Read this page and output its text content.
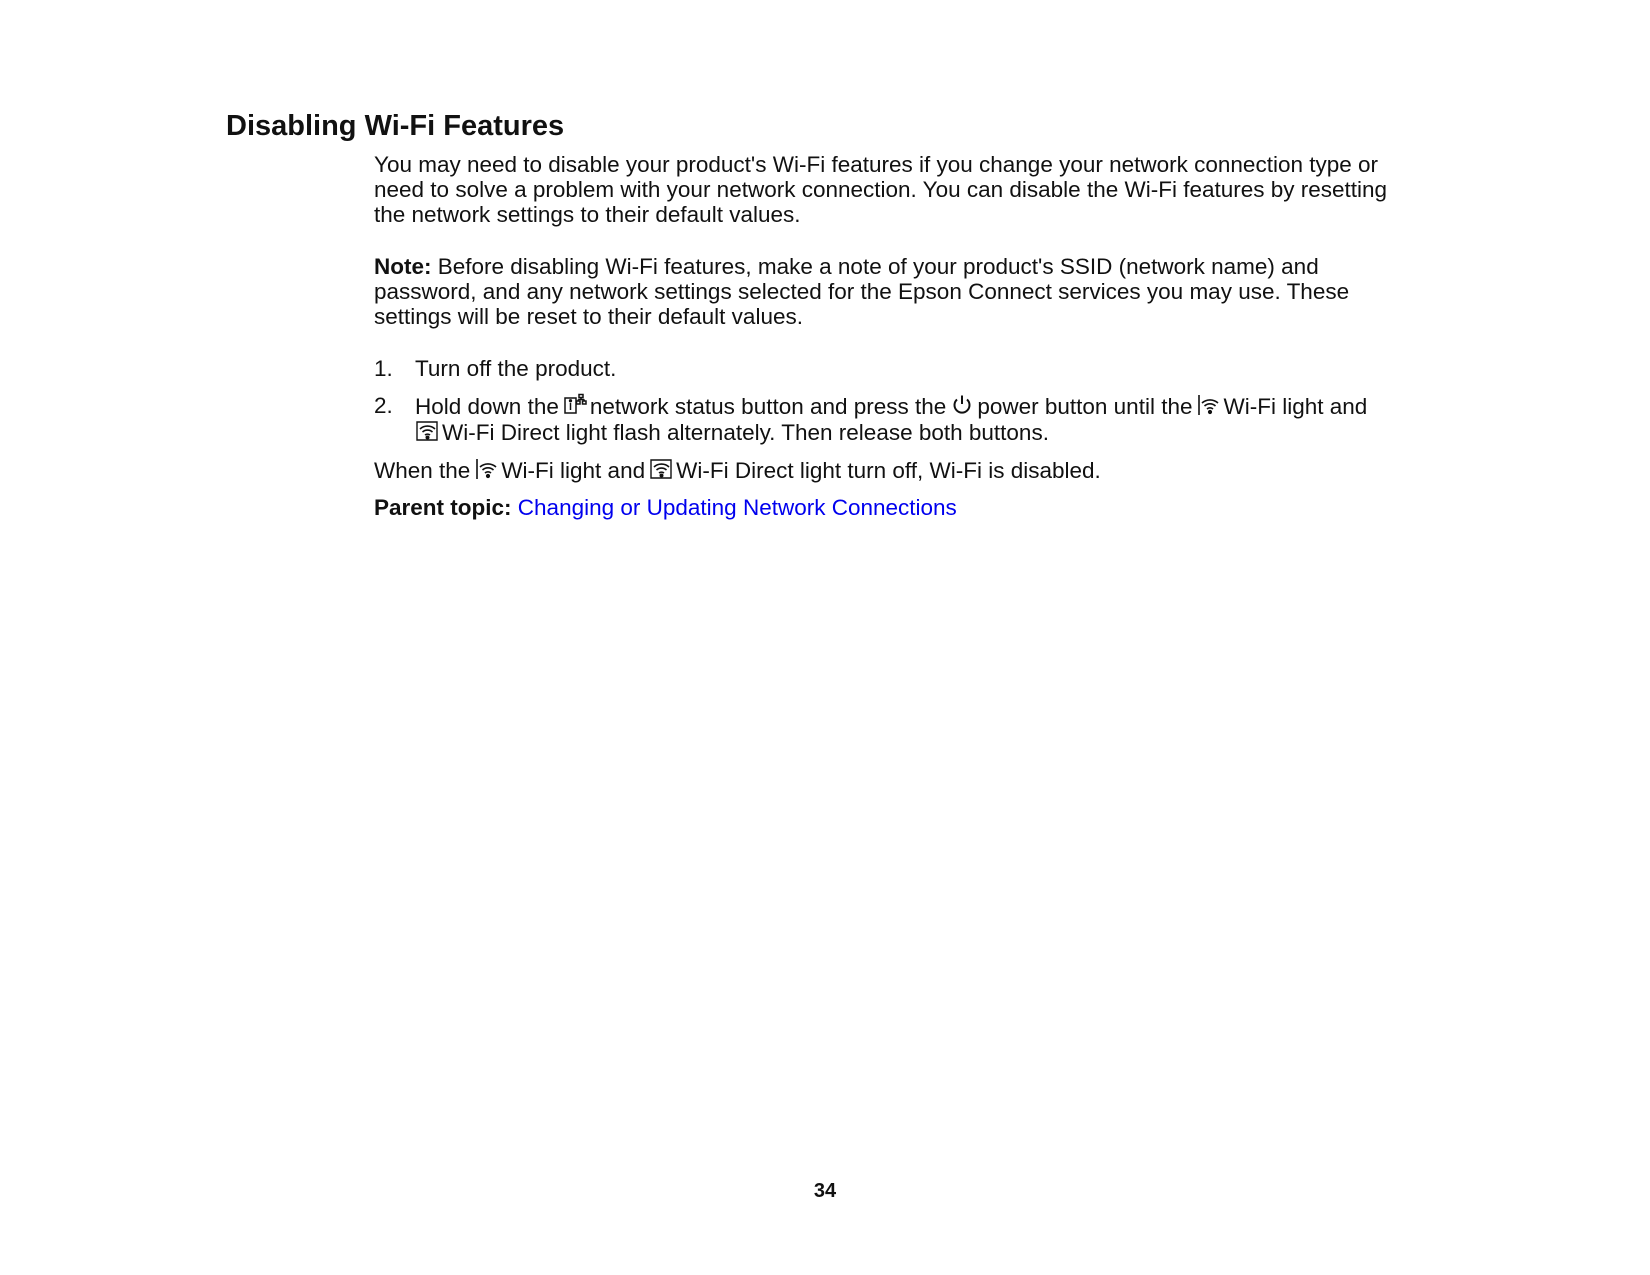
Disabling Wi-Fi Features

You may need to disable your product's Wi-Fi features if you change your network connection type or need to solve a problem with your network connection. You can disable the Wi-Fi features by resetting the network settings to their default values.

Note: Before disabling Wi-Fi features, make a note of your product's SSID (network name) and password, and any network settings selected for the Epson Connect services you may use. These settings will be reset to their default values.

1. Turn off the product.
2. Hold down the network status button and press the power button until the Wi-Fi light and

Wi-Fi Direct light flash alternately. Then release both buttons.

When the Wi-Fi light and Wi-Fi Direct light turn off, Wi-Fi is disabled.

Parent topic: Changing or Updating Network Connections

34
